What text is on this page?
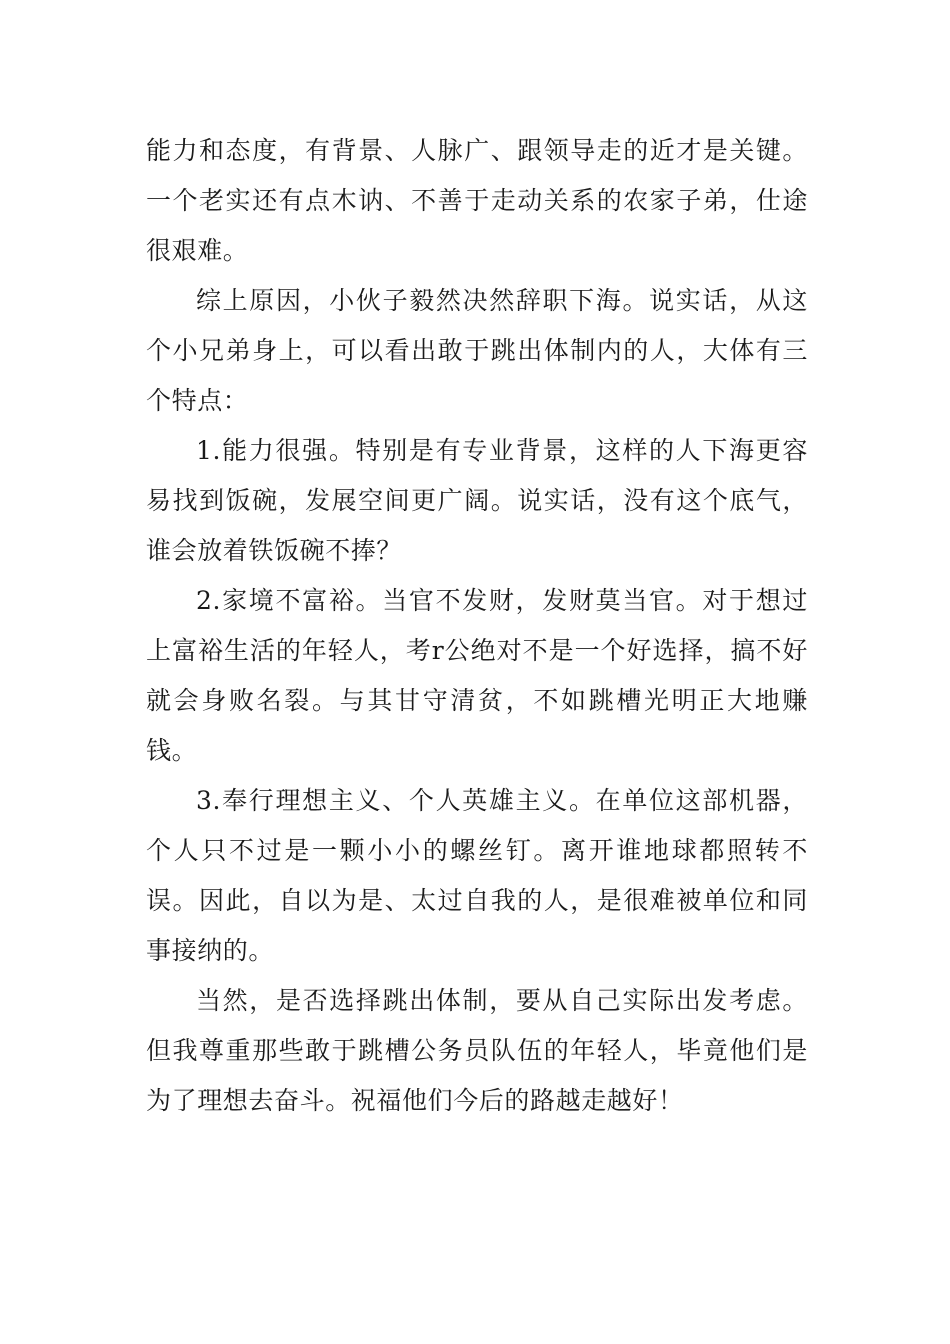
能力和态度，有背景、人脉广、跟领导走的近才是关键。一个老实还有点木讷、不善于走动关系的农家子弟，仕途很艰难。

综上原因，小伙子毅然决然辞职下海。说实话，从这个小兄弟身上，可以看出敢于跳出体制内的人，大体有三个特点：

1.能力很强。特别是有专业背景，这样的人下海更容易找到饭碗，发展空间更广阔。说实话，没有这个底气，谁会放着铁饭碗不捧？

2.家境不富裕。当官不发财，发财莫当官。对于想过上富裕生活的年轻人，考r公绝对不是一个好选择，搞不好就会身败名裂。与其甘守清贫，不如跳槽光明正大地赚钱。

3.奉行理想主义、个人英雄主义。在单位这部机器，个人只不过是一颗小小的螺丝钉。离开谁地球都照转不误。因此，自以为是、太过自我的人，是很难被单位和同事接纳的。

当然，是否选择跳出体制，要从自己实际出发考虑。但我尊重那些敢于跳槽公务员队伍的年轻人，毕竟他们是为了理想去奋斗。祝福他们今后的路越走越好！
